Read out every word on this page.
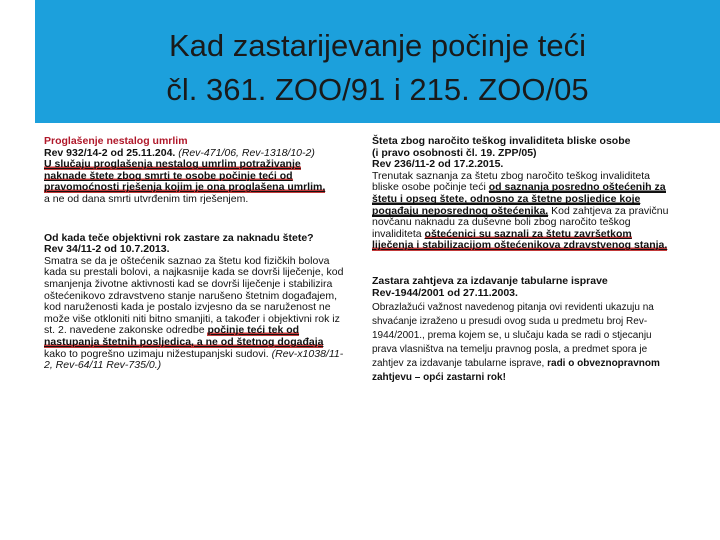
Kad zastarijevanje počinje teći
čl. 361. ZOO/91 i 215. ZOO/05

Proglašenje nestalog umrlim

Rev 932/14-2 od 25.11.204. (Rev-471/06, Rev-1318/10-2)

U slučaju proglašenja nestalog umrlim potraživanje naknade štete zbog smrti te osobe počinje teći od pravomoćnosti rješenja kojim je ona proglašena umrlim,

a ne od dana smrti utvrđenim tim rješenjem.

Od kada teče objektivni rok zastare za naknadu štete?

Rev 34/11-2 od 10.7.2013.

Smatra se da je oštećenik saznao za štetu kod fizičkih bolova kada su prestali bolovi, a najkasnije kada se dovrši liječenje, kod smanjenja životne aktivnosti kad se dovrši liječenje i stabilizira oštećenikovo zdravstveno stanje narušeno štetnim događajem, kod naruženosti kada je postalo izvjesno da se naruženost ne može više otkloniti niti bitno smanjiti, a također i objektivni rok iz st. 2. navedene zakonske odredbe počinje teći tek od nastupanja štetnih posljedica, a ne od štetnog događaja kako to pogrešno uzimaju nižestupanjski sudovi. (Rev-x1038/11-2, Rev-64/11 Rev-735/0.)

Šteta zbog naročito teškog invaliditeta bliske osobe

(i pravo osobnosti čl. 19. ZPP/05)

Rev 236/11-2 od 17.2.2015.

Trenutak saznanja za štetu zbog naročito teškog invaliditeta bliske osobe počinje teći od saznanja posredno oštećenih za štetu i opseg štete, odnosno za štetne posljedice koje pogađaju neposrednog oštećenika. Kod zahtjeva za pravičnu novčanu naknadu za duševne boli zbog naročito teškog invaliditeta oštećenici su saznali za štetu završetkom liječenja i stabilizacijom oštećenikova zdravstvenog stanja.

Zastara zahtjeva za izdavanje tabularne isprave

Rev-1944/2001 od 27.11.2003.

Obrazlažući važnost navedenog pitanja ovi revidenti ukazuju na shvaćanje izraženo u presudi ovog suda u predmetu broj Rev-1944/2001., prema kojem se, u slučaju kada se radi o stjecanju prava vlasništva na temelju pravnog posla, a predmet spora je zahtjev za izdavanje tabularne isprave, radi o obveznopravnom zahtjevu – opći zastarni rok!
